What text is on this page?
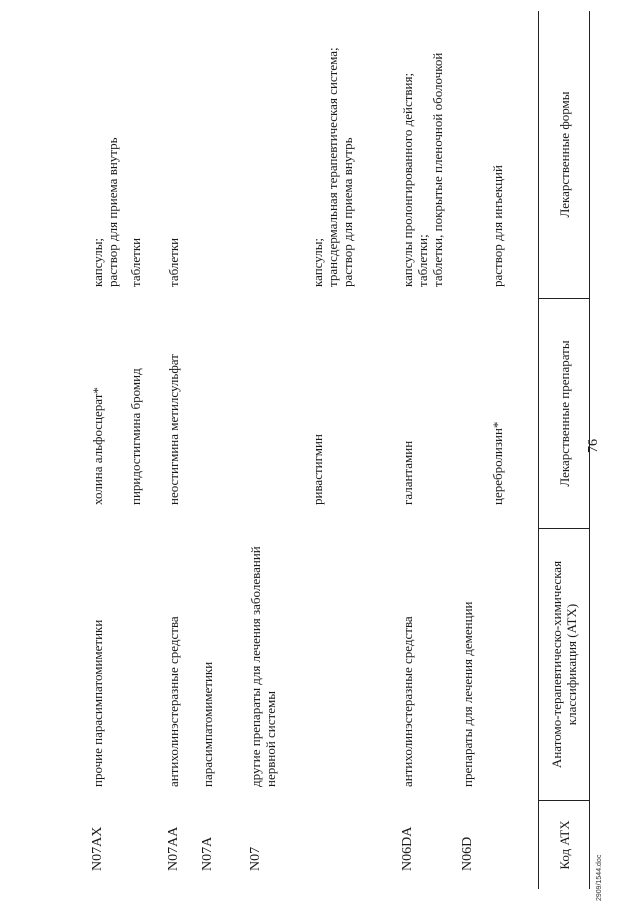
76
Код ATX
Анатомо-терапевтическо-химическая классификация (ATX)
Лекарственные препараты
Лекарственные формы
церебролизин*
раствор для инъекций
N06D
препараты для лечения деменции
N06DA
антихолинэстеразные средства
галантамин
капсулы пролонгированного действия;
таблетки;
таблетки, покрытые пленочной оболочкой
ривастигмин
капсулы;
трансдермальная терапевтическая система;
раствор для приема внутрь
N07
другие препараты для лечения заболеваний нервной системы
N07A
парасимпатомиметики
N07AA
антихолинэстеразные средства
неостигмина метилсульфат
таблетки
пиридостигмина бромид
таблетки
N07AX
прочие парасимпатомиметики
холина альфосцерат*
капсулы;
раствор для приема внутрь
2909/1544.doc
